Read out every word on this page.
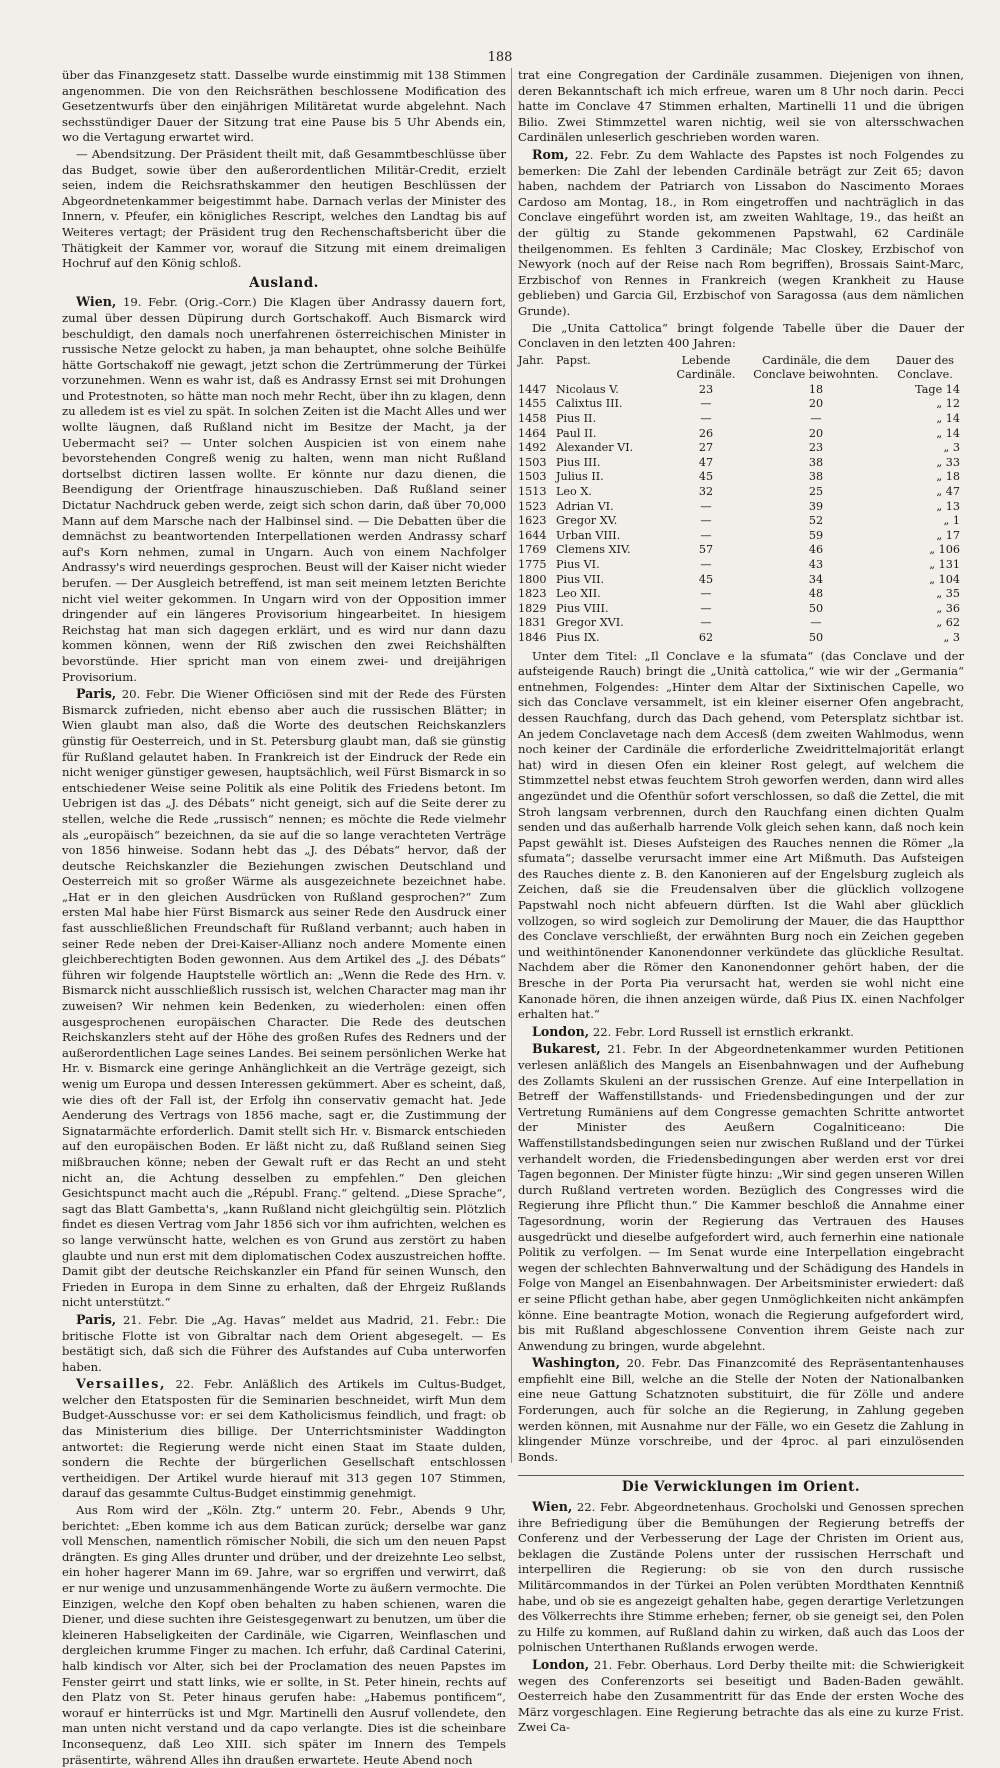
188

über das Finanzgesetz statt. Dasselbe wurde einstimmig mit 138 Stimmen angenommen. Die von den Reichsräthen beschlossene Modification des Gesetzentwurfs über den einjährigen Militäretat wurde abgelehnt. Nach sechsstündiger Dauer der Sitzung trat eine Pause bis 5 Uhr Abends ein, wo die Vertagung erwartet wird.

— Abendsitzung. Der Präsident theilt mit, daß Gesammtbeschlüsse über das Budget, sowie über den außerordentlichen Militär-Credit, erzielt seien, indem die Reichsrathskammer den heutigen Beschlüssen der Abgeordnetenkammer beigestimmt habe. Darnach verlas der Minister des Innern, v. Pfeufer, ein königliches Rescript, welches den Landtag bis auf Weiteres vertagt; der Präsident trug den Rechenschaftsbericht über die Thätigkeit der Kammer vor, worauf die Sitzung mit einem dreimaligen Hochruf auf den König schloß.

Ausland.

Wien, 19. Febr. (Orig.-Corr.) Die Klagen über Andrassy dauern fort, zumal über dessen Düpirung durch Gortschakoff. Auch Bismarck wird beschuldigt, den damals noch unerfahrenen österreichischen Minister in russische Netze gelockt zu haben, ja man behauptet, ohne solche Beihülfe hätte Gortschakoff nie gewagt, jetzt schon die Zertrümmerung der Türkei vorzunehmen. Wenn es wahr ist, daß es Andrassy Ernst sei mit Drohungen und Protestnoten, so hätte man noch mehr Recht, über ihn zu klagen, denn zu alledem ist es viel zu spät. In solchen Zeiten ist die Macht Alles und wer wollte läugnen, daß Rußland nicht im Besitze der Macht, ja der Uebermacht sei? — Unter solchen Auspicien ist von einem nahe bevorstehenden Congreß wenig zu halten, wenn man nicht Rußland dortselbst dictiren lassen wollte. Er könnte nur dazu dienen, die Beendigung der Orientfrage hinauszuschieben. Daß Rußland seiner Dictatur Nachdruck geben werde, zeigt sich schon darin, daß über 70,000 Mann auf dem Marsche nach der Halbinsel sind. — Die Debatten über die demnächst zu beantwortenden Interpellationen werden Andrassy scharf auf's Korn nehmen, zumal in Ungarn. Auch von einem Nachfolger Andrassy's wird neuerdings gesprochen. Beust will der Kaiser nicht wieder berufen. — Der Ausgleich betreffend, ist man seit meinem letzten Berichte nicht viel weiter gekommen. In Ungarn wird von der Opposition immer dringender auf ein längeres Provisorium hingearbeitet. In hiesigem Reichstag hat man sich dagegen erklärt, und es wird nur dann dazu kommen können, wenn der Riß zwischen den zwei Reichshälften bevorstünde. Hier spricht man von einem zwei- und dreijährigen Provisorium.

Paris, 20. Febr. Die Wiener Officiösen sind mit der Rede des Fürsten Bismarck zufrieden, nicht ebenso aber auch die russischen Blätter; in Wien glaubt man also, daß die Worte des deutschen Reichskanzlers günstig für Oesterreich, und in St. Petersburg glaubt man, daß sie günstig für Rußland gelautet haben. In Frankreich ist der Eindruck der Rede ein nicht weniger günstiger gewesen, hauptsächlich, weil Fürst Bismarck in so entschiedener Weise seine Politik als eine Politik des Friedens betont. Im Uebrigen ist das „J. des Débats“ nicht geneigt, sich auf die Seite derer zu stellen, welche die Rede „russisch“ nennen; es möchte die Rede vielmehr als „europäisch“ bezeichnen, da sie auf die so lange verachteten Verträge von 1856 hinweise. Sodann hebt das „J. des Débats“ hervor, daß der deutsche Reichskanzler die Beziehungen zwischen Deutschland und Oesterreich mit so großer Wärme als ausgezeichnete bezeichnet habe. „Hat er in den gleichen Ausdrücken von Rußland gesprochen?“ Zum ersten Mal habe hier Fürst Bismarck aus seiner Rede den Ausdruck einer fast ausschließlichen Freundschaft für Rußland verbannt; auch haben in seiner Rede neben der Drei-Kaiser-Allianz noch andere Momente einen gleichberechtigten Boden gewonnen. Aus dem Artikel des „J. des Débats“ führen wir folgende Hauptstelle wörtlich an: „Wenn die Rede des Hrn. v. Bismarck nicht ausschließlich russisch ist, welchen Character mag man ihr zuweisen? Wir nehmen kein Bedenken, zu wiederholen: einen offen ausgesprochenen europäischen Character. Die Rede des deutschen Reichskanzlers steht auf der Höhe des großen Rufes des Redners und der außerordentlichen Lage seines Landes. Bei seinem persönlichen Werke hat Hr. v. Bismarck eine geringe Anhänglichkeit an die Verträge gezeigt, sich wenig um Europa und dessen Interessen gekümmert. Aber es scheint, daß, wie dies oft der Fall ist, der Erfolg ihn conservativ gemacht hat. Jede Aenderung des Vertrags von 1856 mache, sagt er, die Zustimmung der Signatarmächte erforderlich. Damit stellt sich Hr. v. Bismarck entschieden auf den europäischen Boden. Er läßt nicht zu, daß Rußland seinen Sieg mißbrauchen könne; neben der Gewalt ruft er das Recht an und steht nicht an, die Achtung desselben zu empfehlen.“ Den gleichen Gesichtspunct macht auch die „Républ. Franç.“ geltend. „Diese Sprache“, sagt das Blatt Gambetta's, „kann Rußland nicht gleichgültig sein. Plötzlich findet es diesen Vertrag vom Jahr 1856 sich vor ihm aufrichten, welchen es so lange verwünscht hatte, welchen es von Grund aus zerstört zu haben glaubte und nun erst mit dem diplomatischen Codex auszustreichen hoffte. Damit gibt der deutsche Reichskanzler ein Pfand für seinen Wunsch, den Frieden in Europa in dem Sinne zu erhalten, daß der Ehrgeiz Rußlands nicht unterstützt.“

Paris, 21. Febr. Die „Ag. Havas“ meldet aus Madrid, 21. Febr.: Die britische Flotte ist von Gibraltar nach dem Orient abgesegelt. — Es bestätigt sich, daß sich die Führer des Aufstandes auf Cuba unterworfen haben.

Versailles, 22. Febr. Anläßlich des Artikels im Cultus-Budget, welcher den Etatsposten für die Seminarien beschneidet, wirft Mun dem Budget-Ausschusse vor: er sei dem Katholicismus feindlich, und fragt: ob das Ministerium dies billige. Der Unterrichtsminister Waddington antwortet: die Regierung werde nicht einen Staat im Staate dulden, sondern die Rechte der bürgerlichen Gesellschaft entschlossen vertheidigen. Der Artikel wurde hierauf mit 313 gegen 107 Stimmen, darauf das gesammte Cultus-Budget einstimmig genehmigt.

Aus Rom wird der „Köln. Ztg.“ unterm 20. Febr., Abends 9 Uhr, berichtet: „Eben komme ich aus dem Batican zurück; derselbe war ganz voll Menschen, namentlich römischer Nobili, die sich um den neuen Papst drängten. Es ging Alles drunter und drüber, und der dreizehnte Leo selbst, ein hoher hagerer Mann im 69. Jahre, war so ergriffen und verwirrt, daß er nur wenige und unzusammenhängende Worte zu äußern vermochte. Die Einzigen, welche den Kopf oben behalten zu haben schienen, waren die Diener, und diese suchten ihre Geistesgegenwart zu benutzen, um über die kleineren Habseligkeiten der Cardinäle, wie Cigarren, Weinflaschen und dergleichen krumme Finger zu machen. Ich erfuhr, daß Cardinal Caterini, halb kindisch vor Alter, sich bei der Proclamation des neuen Papstes im Fenster geirrt und statt links, wie er sollte, in St. Peter hinein, rechts auf den Platz von St. Peter hinaus gerufen habe: „Habemus pontificem“, worauf er hinterrücks ist und Mgr. Martinelli den Ausruf vollendete, den man unten nicht verstand und da capo verlangte. Dies ist die scheinbare Inconsequenz, daß Leo XIII. sich später im Innern des Tempels präsentirte, während Alles ihn draußen erwartete. Heute Abend noch

trat eine Congregation der Cardinäle zusammen. Diejenigen von ihnen, deren Bekanntschaft ich mich erfreue, waren um 8 Uhr noch darin. Pecci hatte im Conclave 47 Stimmen erhalten, Martinelli 11 und die übrigen Bilio. Zwei Stimmzettel waren nichtig, weil sie von altersschwachen Cardinälen unleserlich geschrieben worden waren.

Rom, 22. Febr. Zu dem Wahlacte des Papstes ist noch Folgendes zu bemerken: Die Zahl der lebenden Cardinäle beträgt zur Zeit 65; davon haben, nachdem der Patriarch von Lissabon do Nascimento Moraes Cardoso am Montag, 18., in Rom eingetroffen und nachträglich in das Conclave eingeführt worden ist, am zweiten Wahltage, 19., das heißt an der gültig zu Stande gekommenen Papstwahl, 62 Cardinäle theilgenommen. Es fehlten 3 Cardinäle; Mac Closkey, Erzbischof von Newyork (noch auf der Reise nach Rom begriffen), Brossais Saint-Marc, Erzbischof von Rennes in Frankreich (wegen Krankheit zu Hause geblieben) und Garcia Gil, Erzbischof von Saragossa (aus dem nämlichen Grunde).

Die „Unita Cattolica“ bringt folgende Tabelle über die Dauer der Conclaven in den letzten 400 Jahren:

Jahr.	Papst.	Lebende Cardinäle.	Cardinäle, die dem Conclave beiwohnten.	Dauer des Conclave.
1447	Nicolaus V.	23	18	Tage 14
1455	Calixtus III.	—	20	„ 12
1458	Pius II.	—	—	„ 14
1464	Paul II.	26	20	„ 14
1492	Alexander VI.	27	23	„ 3
1503	Pius III.	47	38	„ 33
1503	Julius II.	45	38	„ 18
1513	Leo X.	32	25	„ 47
1523	Adrian VI.	—	39	„ 13
1623	Gregor XV.	—	52	„ 1
1644	Urban VIII.	—	59	„ 17
1769	Clemens XIV.	57	46	„ 106
1775	Pius VI.	—	43	„ 131
1800	Pius VII.	45	34	„ 104
1823	Leo XII.	—	48	„ 35
1829	Pius VIII.	—	50	„ 36
1831	Gregor XVI.	—	—	„ 62
1846	Pius IX.	62	50	„ 3

Unter dem Titel: „Il Conclave e la sfumata“ (das Conclave und der aufsteigende Rauch) bringt die „Unità cattolica,“ wie wir der „Germania“ entnehmen, Folgendes: „Hinter dem Altar der Sixtinischen Capelle, wo sich das Conclave versammelt, ist ein kleiner eiserner Ofen angebracht, dessen Rauchfang, durch das Dach gehend, vom Petersplatz sichtbar ist. An jedem Conclavetage nach dem Accesß (dem zweiten Wahlmodus, wenn noch keiner der Cardinäle die erforderliche Zweidrittelmajorität erlangt hat) wird in diesen Ofen ein kleiner Rost gelegt, auf welchem die Stimmzettel nebst etwas feuchtem Stroh geworfen werden, dann wird alles angezündet und die Ofenthür sofort verschlossen, so daß die Zettel, die mit Stroh langsam verbrennen, durch den Rauchfang einen dichten Qualm senden und das außerhalb harrende Volk gleich sehen kann, daß noch kein Papst gewählt ist. Dieses Aufsteigen des Rauches nennen die Römer „la sfumata“; dasselbe verursacht immer eine Art Mißmuth. Das Aufsteigen des Rauches diente z. B. den Kanonieren auf der Engelsburg zugleich als Zeichen, daß sie die Freudensalven über die glücklich vollzogene Papstwahl noch nicht abfeuern dürften. Ist die Wahl aber glücklich vollzogen, so wird sogleich zur Demolirung der Mauer, die das Hauptthor des Conclave verschließt, der erwähnten Burg noch ein Zeichen gegeben und weithintönender Kanonendonner verkündete das glückliche Resultat. Nachdem aber die Römer den Kanonendonner gehört haben, der die Bresche in der Porta Pia verursacht hat, werden sie wohl nicht eine Kanonade hören, die ihnen anzeigen würde, daß Pius IX. einen Nachfolger erhalten hat.“

London, 22. Febr. Lord Russell ist ernstlich erkrankt.

Bukarest, 21. Febr. In der Abgeordnetenkammer wurden Petitionen verlesen anläßlich des Mangels an Eisenbahnwagen und der Aufhebung des Zollamts Skuleni an der russischen Grenze. Auf eine Interpellation in Betreff der Waffenstillstands- und Friedensbedingungen und der zur Vertretung Rumäniens auf dem Congresse gemachten Schritte antwortet der Minister des Aeußern Cogalniticeano: Die Waffenstillstandsbedingungen seien nur zwischen Rußland und der Türkei verhandelt worden, die Friedensbedingungen aber werden erst vor drei Tagen begonnen. Der Minister fügte hinzu: „Wir sind gegen unseren Willen durch Rußland vertreten worden. Bezüglich des Congresses wird die Regierung ihre Pflicht thun.“ Die Kammer beschloß die Annahme einer Tagesordnung, worin der Regierung das Vertrauen des Hauses ausgedrückt und dieselbe aufgefordert wird, auch fernerhin eine nationale Politik zu verfolgen. — Im Senat wurde eine Interpellation eingebracht wegen der schlechten Bahnverwaltung und der Schädigung des Handels in Folge von Mangel an Eisenbahnwagen. Der Arbeitsminister erwiedert: daß er seine Pflicht gethan habe, aber gegen Unmöglichkeiten nicht ankämpfen könne. Eine beantragte Motion, wonach die Regierung aufgefordert wird, bis mit Rußland abgeschlossene Convention ihrem Geiste nach zur Anwendung zu bringen, wurde abgelehnt.

Washington, 20. Febr. Das Finanzcomité des Repräsentantenhauses empfiehlt eine Bill, welche an die Stelle der Noten der Nationalbanken eine neue Gattung Schatznoten substituirt, die für Zölle und andere Forderungen, auch für solche an die Regierung, in Zahlung gegeben werden können, mit Ausnahme nur der Fälle, wo ein Gesetz die Zahlung in klingender Münze vorschreibe, und der 4proc. al pari einzulösenden Bonds.

Die Verwicklungen im Orient.

Wien, 22. Febr. Abgeordnetenhaus. Grocholski und Genossen sprechen ihre Befriedigung über die Bemühungen der Regierung betreffs der Conferenz und der Verbesserung der Lage der Christen im Orient aus, beklagen die Zustände Polens unter der russischen Herrschaft und interpelliren die Regierung: ob sie von den durch russische Militärcommandos in der Türkei an Polen verübten Mordthaten Kenntniß habe, und ob sie es angezeigt gehalten habe, gegen derartige Verletzungen des Völkerrechts ihre Stimme erheben; ferner, ob sie geneigt sei, den Polen zu Hilfe zu kommen, auf Rußland dahin zu wirken, daß auch das Loos der polnischen Unterthanen Rußlands erwogen werde.

London, 21. Febr. Oberhaus. Lord Derby theilte mit: die Schwierigkeit wegen des Conferenzorts sei beseitigt und Baden-Baden gewählt. Oesterreich habe den Zusammentritt für das Ende der ersten Woche des März vorgeschlagen. Eine Regierung betrachte das als eine zu kurze Frist. Zwei Ca-
